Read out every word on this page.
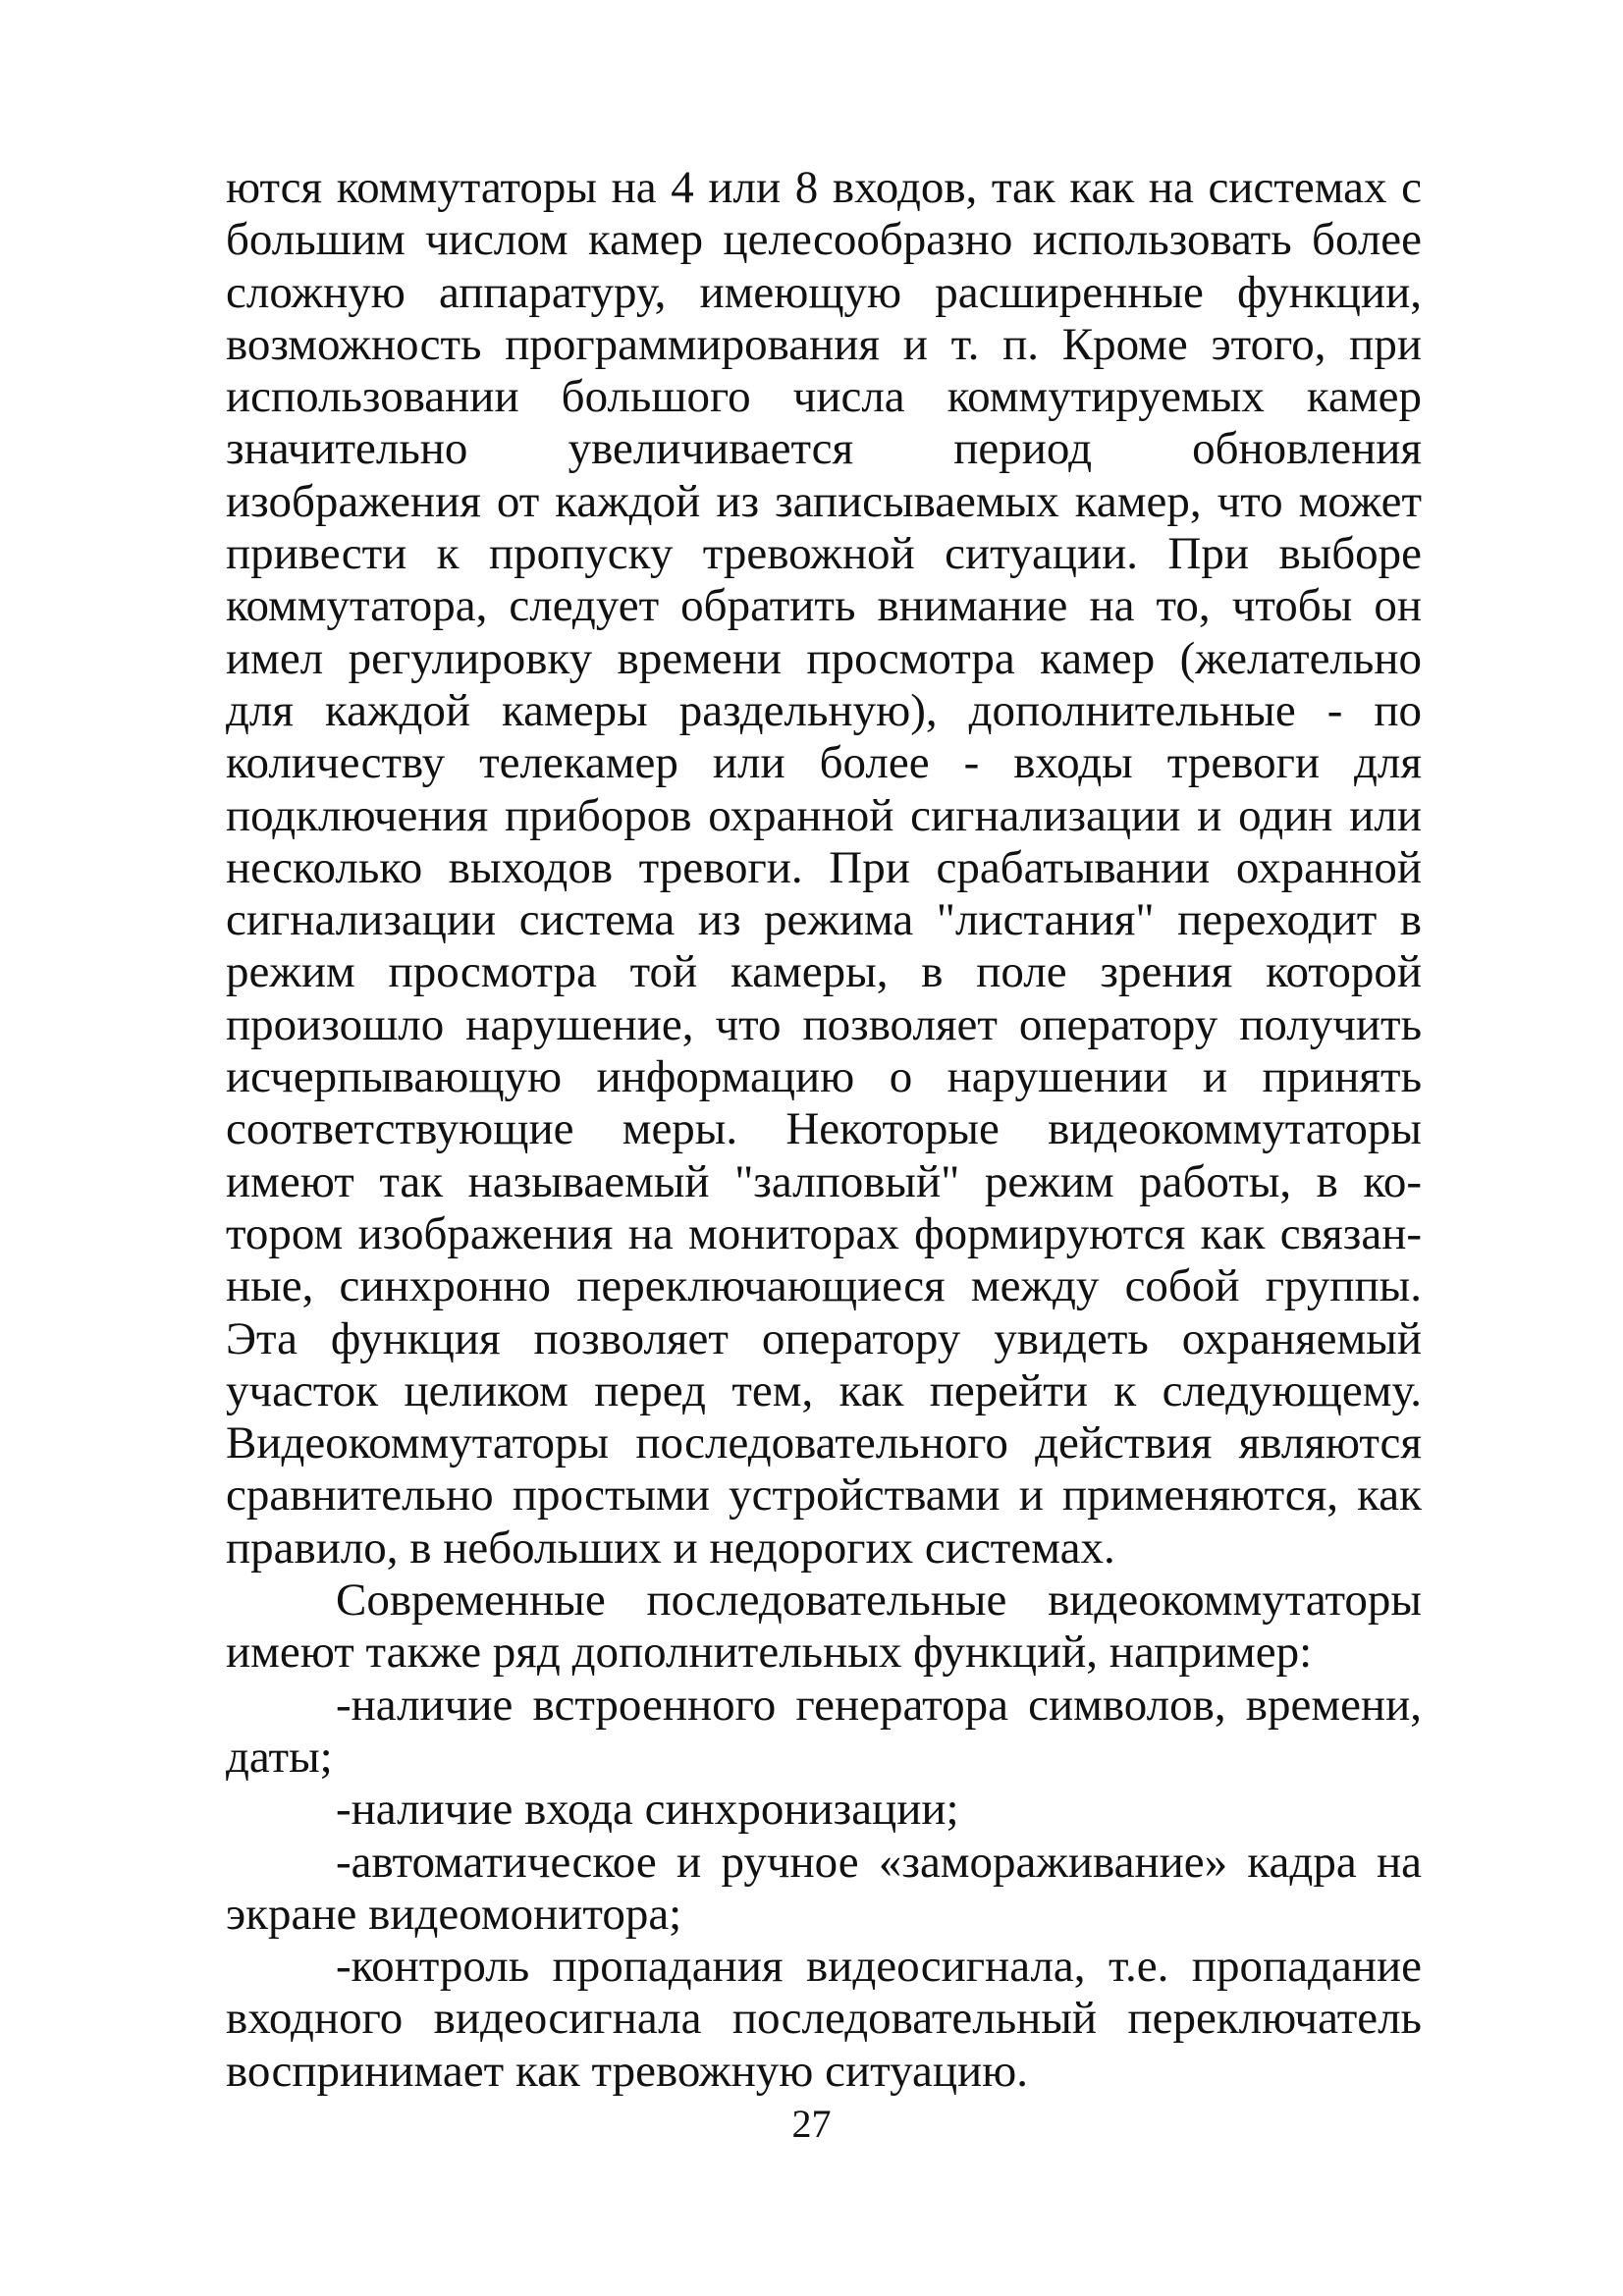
ются коммутаторы на 4 или 8 входов, так как на системах с большим числом камер целесообразно использовать более сложную аппаратуру, имеющую расширенные функции, возможность программирования и т. п. Кроме этого, при использовании большого числа коммутируемых камер значительно увеличивается период обновления изображения от каждой из записываемых камер, что может привести к пропуску тревожной ситуации. При выборе коммутатора, следует обратить внимание на то, чтобы он имел регулировку времени просмотра камер (желательно для каждой камеры раздельную), дополнительные - по количеству телекамер или более - входы тревоги для подключения приборов охранной сигнализации и один или несколько выходов тревоги. При срабатывании охранной сигнализации система из режима "листания" переходит в режим просмотра той камеры, в поле зрения которой произошло нарушение, что позволяет оператору получить исчерпывающую информацию о нарушении и принять соответствующие меры. Некоторые видеокоммутаторы имеют так называемый "залповый" режим работы, в котором изображения на мониторах формируются как связанные, синхронно переключающиеся между собой группы. Эта функция позволяет оператору увидеть охраняемый участок целиком перед тем, как перейти к следующему. Видеокоммутаторы последовательного действия являются сравнительно простыми устройствами и применяются, как правило, в небольших и недорогих системах.

Современные последовательные видеокоммутаторы имеют также ряд дополнительных функций, например:

-наличие встроенного генератора символов, времени, даты;

-наличие входа синхронизации;

-автоматическое и ручное «замораживание» кадра на экране видеомонитора;

-контроль пропадания видеосигнала, т.е. пропадание входного видеосигнала последовательный переключатель воспринимает как тревожную ситуацию.

27
